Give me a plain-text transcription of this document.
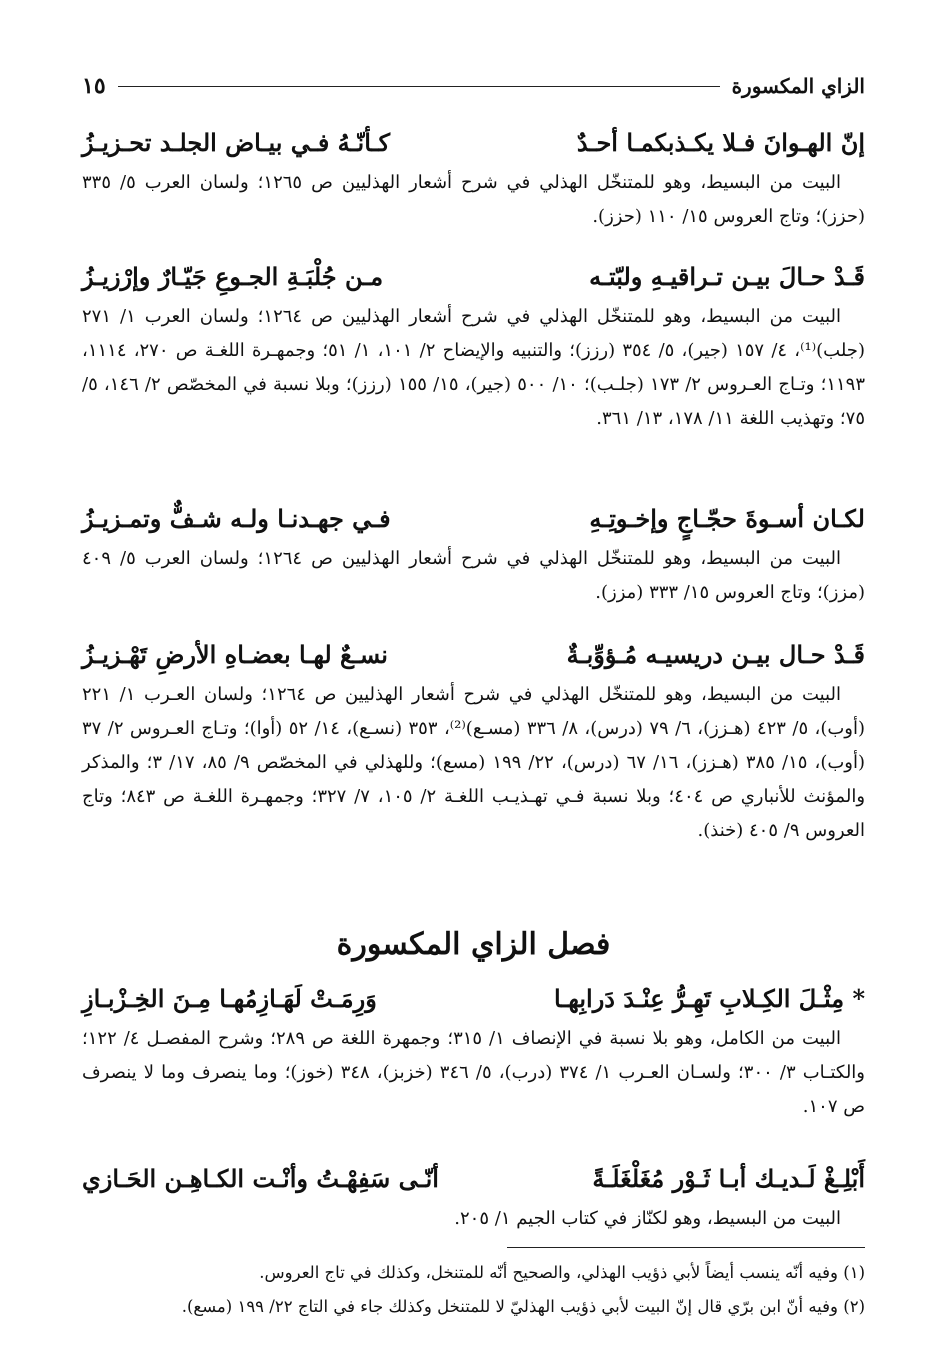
الزاي المكسورة
١٥
إنّ الهـوانَ فـلا يكـذبكمـا أحـدٌ
كـأنّـهُ فـي بيـاض الجلـد تحـزيـزُ
البيت من البسيط، وهو للمتنخّل الهذلي في شرح أشعار الهذليين ص ١٢٦٥؛ ولسان العرب ٥/ ٣٣٥ (حزز)؛ وتاج العروس ١٥/ ١١٠ (حزز).
قَـدْ حـالَ بيـن تـراقيـهِ ولبّتـه
مـن جُلْبَـةِ الجـوعِ جَيّـارٌ وإرْزيـزُ
البيت من البسيط، وهو للمتنخّل الهذلي في شرح أشعار الهذليين ص ١٢٦٤؛ ولسان العرب ١/ ٢٧١ (جلب)⁽¹⁾، ٤/ ١٥٧ (جير)، ٥/ ٣٥٤ (رزز)؛ والتنبيه والإيضاح ٢/ ١٠١، ١/ ٥١؛ وجمهـرة اللغـة ص ٢٧٠، ١١١٤، ١١٩٣؛ وتـاج العـروس ٢/ ١٧٣ (جلـب)؛ ١٠/ ٥٠٠ (جير)، ١٥/ ١٥٥ (رزز)؛ وبلا نسبة في المخصّص ٢/ ١٤٦، ٥/ ٧٥؛ وتهذيب اللغة ١١/ ١٧٨، ١٣/ ٣٦١.
لكـان أسـوةَ حجّـاجٍ وإخـوتِـهِ
فـي جهـدنـا ولـه شـفٌّ وتمـزيـزُ
البيت من البسيط، وهو للمتنخّل الهذلي في شرح أشعار الهذليين ص ١٢٦٤؛ ولسان العرب ٥/ ٤٠٩ (مزز)؛ وتاج العروس ١٥/ ٣٣٣ (مزز).
قَـدْ حـال بيـن دريسيـه مُـؤوِّبـةٌ
نسـعٌ لهـا بعضـاهِ الأرضِ تَهْـزيـزُ
البيت من البسيط، وهو للمتنخّل الهذلي في شرح أشعار الهذليين ص ١٢٦٤؛ ولسان العـرب ١/ ٢٢١ (أوب)، ٥/ ٤٢٣ (هـزز)، ٦/ ٧٩ (درس)، ٨/ ٣٣٦ (مسـع)⁽²⁾، ٣٥٣ (نسـع)، ١٤/ ٥٢ (أوا)؛ وتـاج العـروس ٢/ ٣٧ (أوب)، ١٥/ ٣٨٥ (هـزز)، ١٦/ ٦٧ (درس)، ٢٢/ ١٩٩ (مسع)؛ وللهذلي في المخصّص ٩/ ٨٥، ١٧/ ٣؛ والمذكر والمؤنث للأنباري ص ٤٠٤؛ وبلا نسبة فـي تهـذيـب اللغـة ٢/ ١٠٥، ٧/ ٣٢٧؛ وجمهـرة اللغـة ص ٨٤٣؛ وتاج العروس ٩/ ٤٠٥ (خنذ).
فصل الزاي المكسورة
* مِثْـلَ الكِـلابِ تَهِـرُّ عِنْـدَ دَرابِهـا
وَرِمَـتْ لَهَـازِمُهـا مِـنَ الخِـزْبـازِ
البيت من الكامل، وهو بلا نسبة في الإنصاف ١/ ٣١٥؛ وجمهرة اللغة ص ٢٨٩؛ وشرح المفصـل ٤/ ١٢٢؛ والكتـاب ٣/ ٣٠٠؛ ولسـان العـرب ١/ ٣٧٤ (درب)، ٥/ ٣٤٦ (خزبز)، ٣٤٨ (خوز)؛ وما ينصرف وما لا ينصرف ص ١٠٧.
أَبْلِـغْ لَـديـك أبـا ثَـوْر مُغَلْغَلَـةً
أنّـى سَفِهْـتُ وأنْـت الكـاهِـن الحَـازي
البيت من البسيط، وهو لكنّاز في كتاب الجيم ١/ ٢٠٥.
(١) وفيه أنّه ينسب أيضاً لأبي ذؤيب الهذلي، والصحيح أنّه للمتنخل، وكذلك في تاج العروس.
(٢) وفيه أنّ ابن برّي قال إنّ البيت لأبي ذؤيب الهذليّ لا للمتنخل وكذلك جاء في التاج ٢٢/ ١٩٩ (مسع).
